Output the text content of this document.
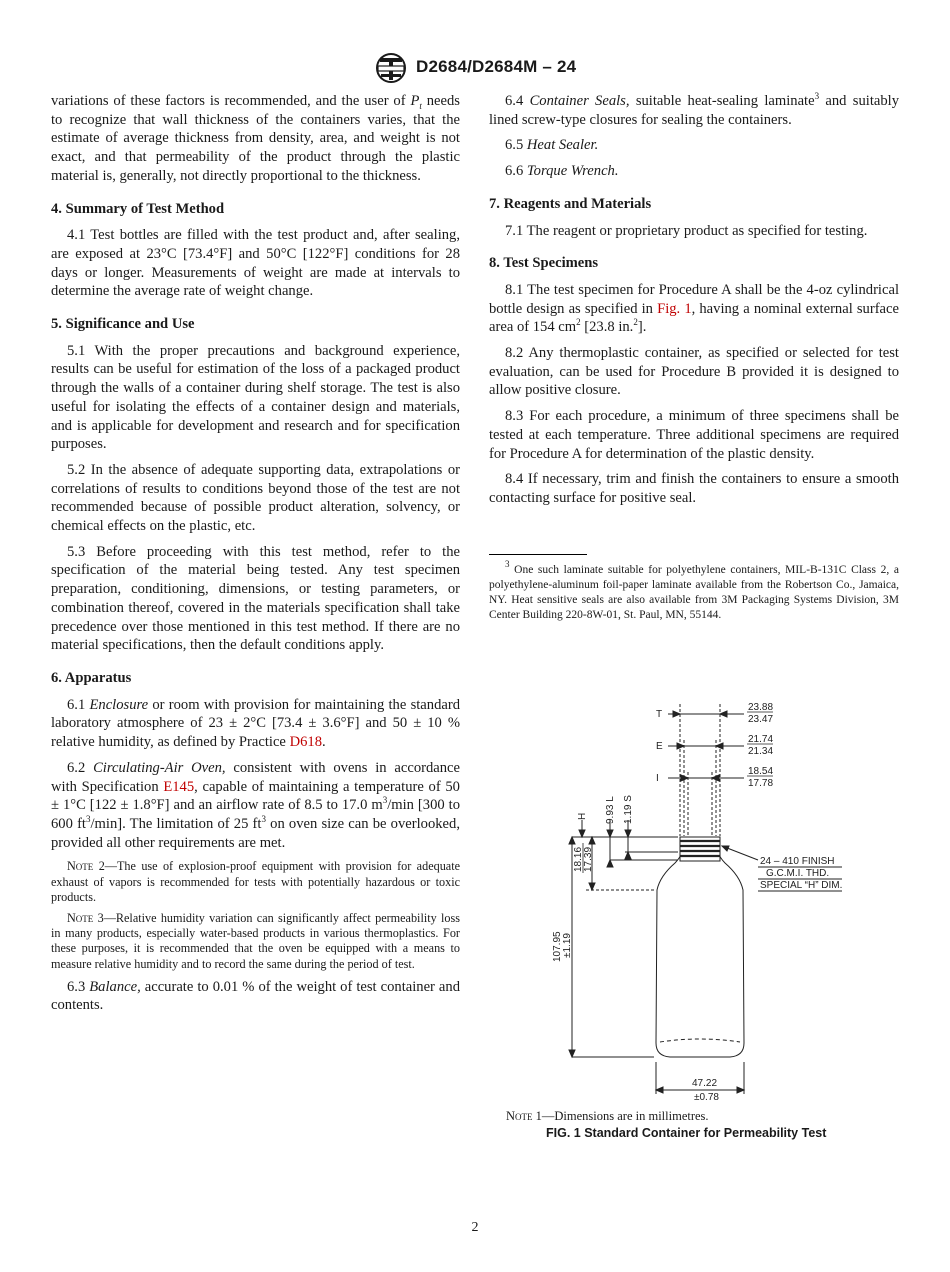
D2684/D2684M – 24

variations of these factors is recommended, and the user of $P_t$ needs to recognize that wall thickness of the containers varies, that the estimate of average thickness from density, area, and weight is not exact, and that permeability of the product through the plastic material is, generally, not directly proportional to the thickness.

4. Summary of Test Method

4.1 Test bottles are filled with the test product and, after sealing, are exposed at 23°C [73.4°F] and 50°C [122°F] conditions for 28 days or longer. Measurements of weight are made at intervals to determine the average rate of weight change.

5. Significance and Use

5.1 With the proper precautions and background experience, results can be useful for estimation of the loss of a packaged product through the walls of a container during shelf storage. The test is also useful for isolating the effects of a container design and materials, and is applicable for development and research and for specification purposes.

5.2 In the absence of adequate supporting data, extrapolations or correlations of results to conditions beyond those of the test are not recommended because of possible product alteration, solvency, or chemical effects on the plastic, etc.

5.3 Before proceeding with this test method, refer to the specification of the material being tested. Any test specimen preparation, conditioning, dimensions, or testing parameters, or combination thereof, covered in the materials specification shall take precedence over those mentioned in this test method. If there are no material specifications, then the default conditions apply.

6. Apparatus

6.1 Enclosure or room with provision for maintaining the standard laboratory atmosphere of 23 ± 2°C [73.4 ± 3.6°F] and 50 ± 10 % relative humidity, as defined by Practice D618.

6.2 Circulating-Air Oven, consistent with ovens in accordance with Specification E145, capable of maintaining a temperature of 50 ± 1°C [122 ± 1.8°F] and an airflow rate of 8.5 to 17.0 $m^3/\min$ [300 to 600 $ft^3/\min$]. The limitation of 25 $ft^3$ on oven size can be overlooked, provided all other requirements are met.

Note 2—The use of explosion-proof equipment with provision for adequate exhaust of vapors is recommended for tests with potentially hazardous or toxic products.

Note 3—Relative humidity variation can significantly affect permeability loss in many products, especially water-based products in various thermoplastics. For these purposes, it is recommended that the oven be equipped with a means to measure relative humidity and to record the same during the period of test.

6.3 Balance, accurate to 0.01 % of the weight of test container and contents.

6.4 Container Seals, suitable heat-sealing laminate$^3$ and suitably lined screw-type closures for sealing the containers.

6.5 Heat Sealer.

6.6 Torque Wrench.

7. Reagents and Materials

7.1 The reagent or proprietary product as specified for testing.

8. Test Specimens

8.1 The test specimen for Procedure A shall be the 4-oz cylindrical bottle design as specified in Fig. 1, having a nominal external surface area of 154 $cm^2$ [23.8 in.$^2$].

8.2 Any thermoplastic container, as specified or selected for test evaluation, can be used for Procedure B provided it is designed to allow positive closure.

8.3 For each procedure, a minimum of three specimens shall be tested at each temperature. Three additional specimens are required for Procedure A for determination of the plastic density.

8.4 If necessary, trim and finish the containers to ensure a smooth contacting surface for positive seal.

$^3$ One such laminate suitable for polyethylene containers, MIL-B-131C Class 2, a polyethylene-aluminum foil-paper laminate available from the Robertson Co., Jamaica, NY. Heat sensitive seals are also available from 3M Packaging Systems Division, 3M Center Building 220-8W-01, St. Paul, MN, 55144.

T
E
I
23.88
23.47
21.74
21.34
18.54
17.78
H 9.93 L 1.19 S
18.16 17.39
107.95 ±1.19
24 – 410 FINISH
G.C.M.I. THD.
SPECIAL “H” DIM.
47.22
±0.78
Note 1—Dimensions are in millimetres.
FIG. 1 Standard Container for Permeability Test
2
